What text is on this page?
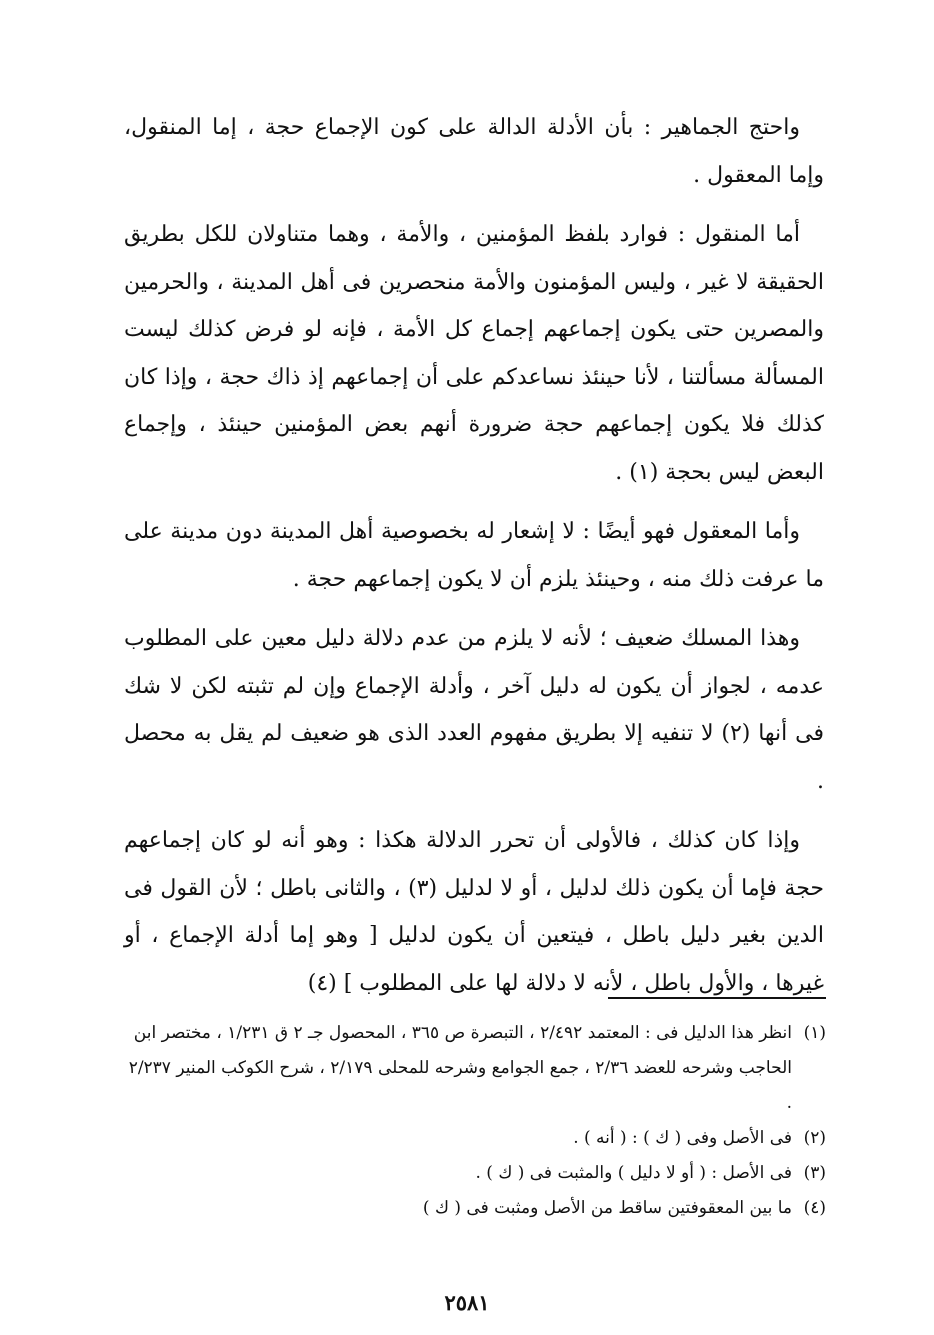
واحتج الجماهير : بأن الأدلة الدالة على كون الإجماع حجة ، إما المنقول، وإما المعقول .

أما المنقول : فوارد بلفظ المؤمنين ، والأمة ، وهما متناولان للكل بطريق الحقيقة لا غير ، وليس المؤمنون والأمة منحصرين فى أهل المدينة ، والحرمين والمصرين حتى يكون إجماعهم إجماع كل الأمة ، فإنه لو فرض كذلك ليست المسألة مسألتنا ، لأنا حينئذ نساعدكم على أن إجماعهم إذ ذاك حجة ، وإذا كان كذلك فلا يكون إجماعهم حجة ضرورة أنهم بعض المؤمنين حينئذ ، وإجماع البعض ليس بحجة (١) .

وأما المعقول فهو أيضًا : لا إشعار له بخصوصية أهل المدينة دون مدينة على ما عرفت ذلك منه ، وحينئذ يلزم أن لا يكون إجماعهم حجة .

وهذا المسلك ضعيف ؛ لأنه لا يلزم من عدم دلالة دليل معين على المطلوب عدمه ، لجواز أن يكون له دليل آخر ، وأدلة الإجماع وإن لم تثبته لكن لا شك فى أنها (٢) لا تنفيه إلا بطريق مفهوم العدد الذى هو ضعيف لم يقل به محصل .

وإذا كان كذلك ، فالأولى أن تحرر الدلالة هكذا : وهو أنه لو كان إجماعهم حجة فإما أن يكون ذلك لدليل ، أو لا لدليل (٣) ، والثانى باطل ؛ لأن القول فى الدين بغير دليل باطل ، فيتعين أن يكون لدليل [ وهو إما أدلة الإجماع ، أو غيرها ، والأول باطل ، لأنه لا دلالة لها على المطلوب ] (٤)

(١)انظر هذا الدليل فى : المعتمد ٢/٤٩٢ ، التبصرة ص ٣٦٥ ، المحصول جـ ٢ ق ١/٢٣١ ، مختصر ابن الحاجب وشرحه للعضد ٢/٣٦ ، جمع الجوامع وشرحه للمحلى ٢/١٧٩ ، شرح الكوكب المنير ٢/٢٣٧ .

(٢)فى الأصل وفى ( ك ) : ( أنه ) .

(٣)فى الأصل : ( أو لا دليل ) والمثبت فى ( ك ) .

(٤)ما بين المعقوفتين ساقط من الأصل ومثبت فى ( ك )

٢٥٨١
